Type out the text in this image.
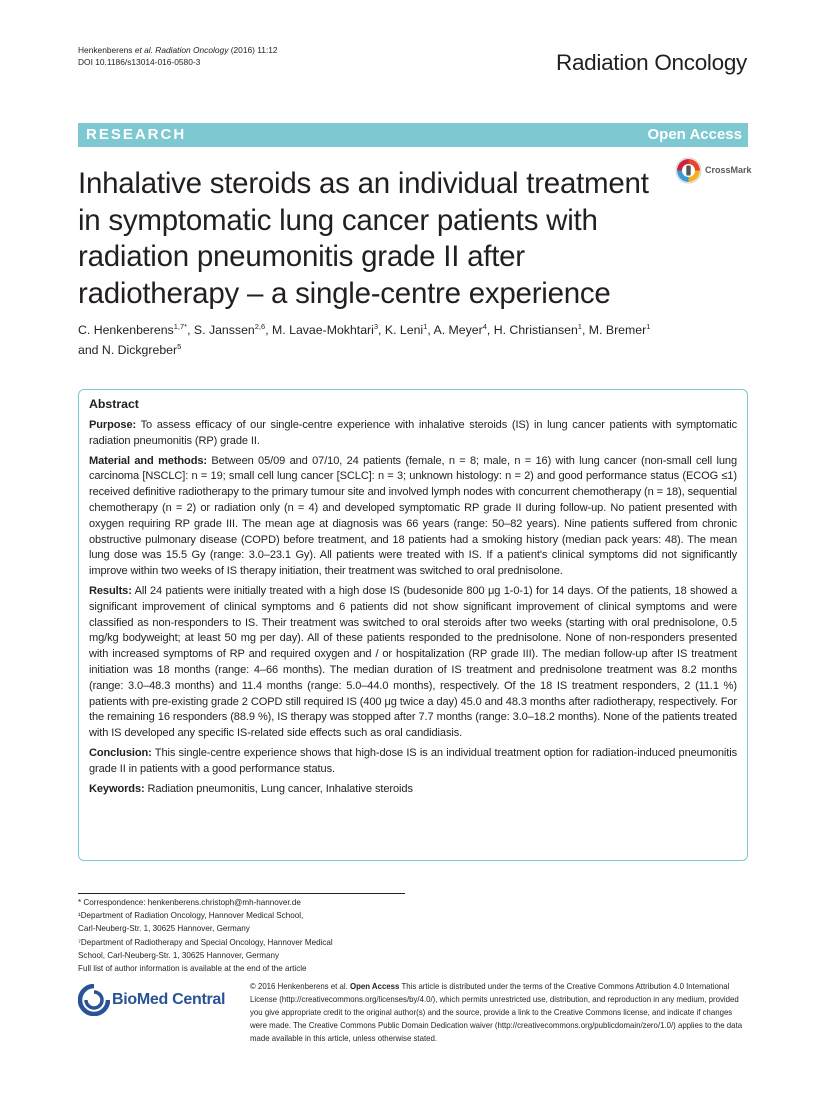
Henkenberens et al. Radiation Oncology (2016) 11:12
DOI 10.1186/s13014-016-0580-3	Radiation Oncology
RESEARCH	Open Access
Inhalative steroids as an individual treatment
in symptomatic lung cancer patients with
radiation pneumonitis grade II after
radiotherapy – a single-centre experience
CrossMark
C. Henkenberens$^{1,7*}$, S. Janssen$^{2,6}$, M. Lavae-Mokhtari$^3$, K. Leni$^1$, A. Meyer$^4$, H. Christiansen$^1$, M. Bremer$^1$
and N. Dickgreber$^5$
Abstract

Purpose: To assess efficacy of our single-centre experience with inhalative steroids (IS) in lung cancer patients with symptomatic radiation pneumonitis (RP) grade II.

Material and methods: Between 05/09 and 07/10, 24 patients (female, n = 8; male, n = 16) with lung cancer (non-small cell lung carcinoma [NSCLC]: n = 19; small cell lung cancer [SCLC]: n = 3; unknown histology: n = 2) and good performance status (ECOG ≤1) received definitive radiotherapy to the primary tumour site and involved lymph nodes with concurrent chemotherapy (n = 18), sequential chemotherapy (n = 2) or radiation only (n = 4) and developed symptomatic RP grade II during follow-up. No patient presented with oxygen requiring RP grade III. The mean age at diagnosis was 66 years (range: 50–82 years). Nine patients suffered from chronic obstructive pulmonary disease (COPD) before treatment, and 18 patients had a smoking history (median pack years: 48). The mean lung dose was 15.5 Gy (range: 3.0–23.1 Gy). All patients were treated with IS. If a patient's clinical symptoms did not significantly improve within two weeks of IS therapy initiation, their treatment was switched to oral prednisolone.

Results: All 24 patients were initially treated with a high dose IS (budesonide 800 μg 1-0-1) for 14 days. Of the patients, 18 showed a significant improvement of clinical symptoms and 6 patients did not show significant improvement of clinical symptoms and were classified as non-responders to IS. Their treatment was switched to oral steroids after two weeks (starting with oral prednisolone, 0.5 mg/kg bodyweight; at least 50 mg per day). All of these patients responded to the prednisolone. None of non-responders presented with increased symptoms of RP and required oxygen and / or hospitalization (RP grade III). The median follow-up after IS treatment initiation was 18 months (range: 4–66 months). The median duration of IS treatment and prednisolone treatment was 8.2 months (range: 3.0–48.3 months) and 11.4 months (range: 5.0–44.0 months), respectively. Of the 18 IS treatment responders, 2 (11.1 %) patients with pre-existing grade 2 COPD still required IS (400 μg twice a day) 45.0 and 48.3 months after radiotherapy, respectively. For the remaining 16 responders (88.9 %), IS therapy was stopped after 7.7 months (range: 3.0–18.2 months). None of the patients treated with IS developed any specific IS-related side effects such as oral candidiasis.

Conclusion: This single-centre experience shows that high-dose IS is an individual treatment option for radiation-induced pneumonitis grade II in patients with a good performance status.

Keywords: Radiation pneumonitis, Lung cancer, Inhalative steroids

* Correspondence: henkenberens.christoph@mh-hannover.de
¹Department of Radiation Oncology, Hannover Medical School,
Carl-Neuberg-Str. 1, 30625 Hannover, Germany
⁷Department of Radiotherapy and Special Oncology, Hannover Medical
School, Carl-Neuberg-Str. 1, 30625 Hannover, Germany
Full list of author information is available at the end of the article
BioMed Central
© 2016 Henkenberens et al. Open Access This article is distributed under the terms of the Creative Commons Attribution 4.0 International License (http://creativecommons.org/licenses/by/4.0/), which permits unrestricted use, distribution, and reproduction in any medium, provided you give appropriate credit to the original author(s) and the source, provide a link to the Creative Commons license, and indicate if changes were made. The Creative Commons Public Domain Dedication waiver (http://creativecommons.org/publicdomain/zero/1.0/) applies to the data made available in this article, unless otherwise stated.
